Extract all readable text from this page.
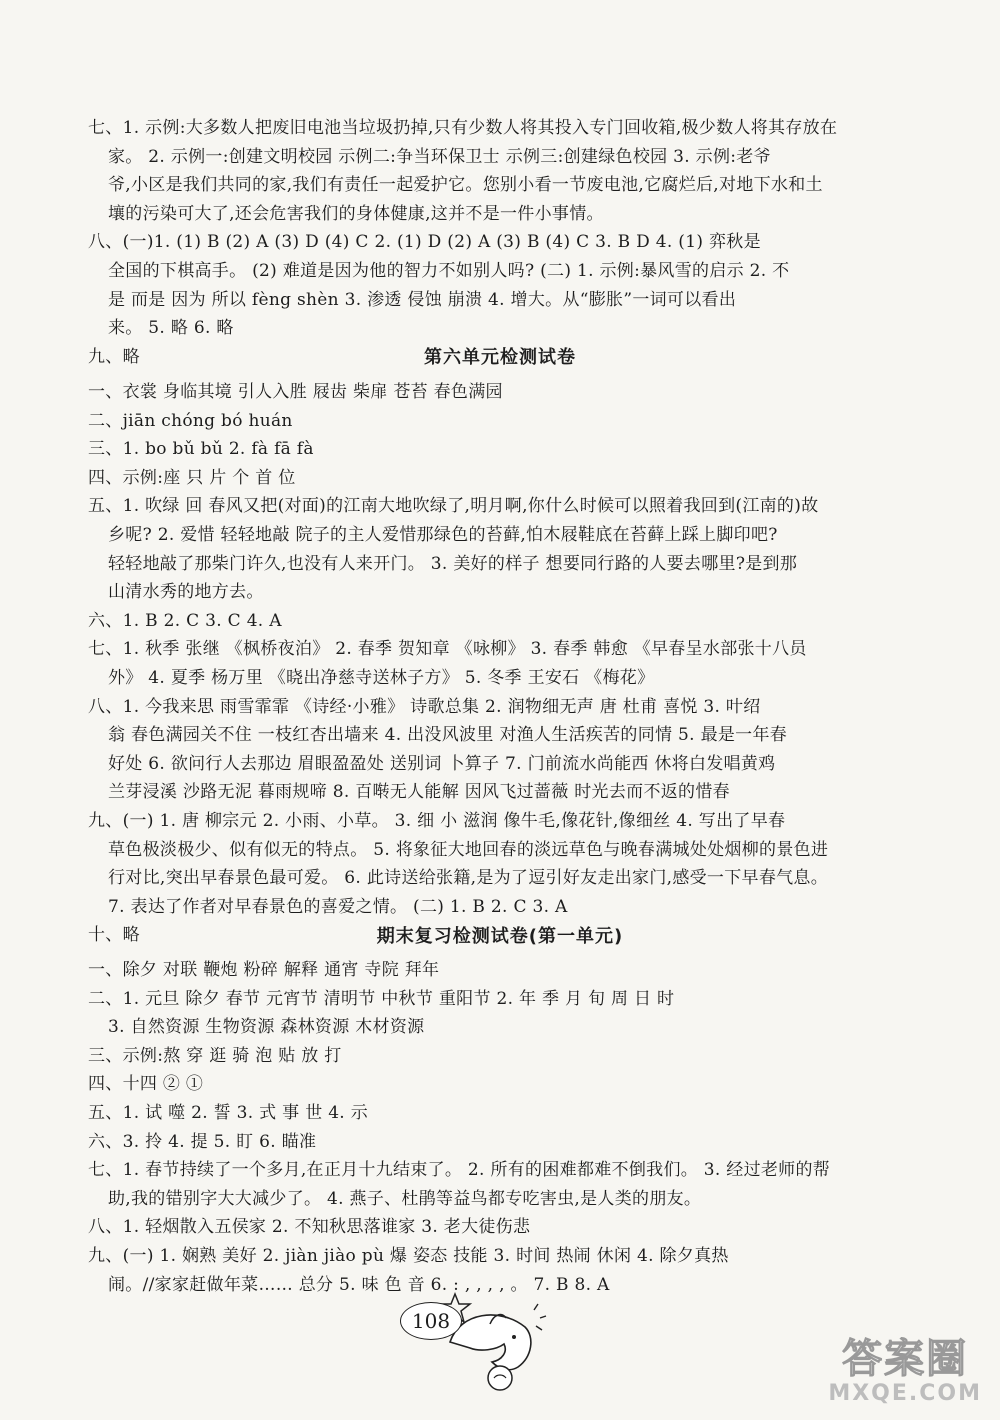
七、1. 示例:大多数人把废旧电池当垃圾扔掉,只有少数人将其投入专门回收箱,极少数人将其存放在
家。 2. 示例一:创建文明校园 示例二:争当环保卫士 示例三:创建绿色校园 3. 示例:老爷
爷,小区是我们共同的家,我们有责任一起爱护它。您别小看一节废电池,它腐烂后,对地下水和土
壤的污染可大了,还会危害我们的身体健康,这并不是一件小事情。
八、(一)1. (1) B (2) A (3) D (4) C 2. (1) D (2) A (3) B (4) C 3. B D 4. (1) 弈秋是
全国的下棋高手。 (2) 难道是因为他的智力不如别人吗? (二) 1. 示例:暴风雪的启示 2. 不
是 而是 因为 所以 fèng shèn 3. 渗透 侵蚀 崩溃 4. 增大。从“膨胀”一词可以看出
来。 5. 略 6. 略
九、略	第六单元检测试卷
一、衣裳 身临其境 引人入胜 屐齿 柴扉 苍苔 春色满园
二、jiān chóng bó huán
三、1. bo bǔ bǔ 2. fà fā fà
四、示例:座 只 片 个 首 位
五、1. 吹绿 回 春风又把(对面)的江南大地吹绿了,明月啊,你什么时候可以照着我回到(江南的)故
乡呢? 2. 爱惜 轻轻地敲 院子的主人爱惜那绿色的苔藓,怕木屐鞋底在苔藓上踩上脚印吧?
轻轻地敲了那柴门许久,也没有人来开门。 3. 美好的样子 想要同行路的人要去哪里?是到那
山清水秀的地方去。
六、1. B 2. C 3. C 4. A
七、1. 秋季 张继 《枫桥夜泊》 2. 春季 贺知章 《咏柳》 3. 春季 韩愈 《早春呈水部张十八员
外》 4. 夏季 杨万里 《晓出净慈寺送林子方》 5. 冬季 王安石 《梅花》
八、1. 今我来思 雨雪霏霏 《诗经·小雅》 诗歌总集 2. 润物细无声 唐 杜甫 喜悦 3. 叶绍
翁 春色满园关不住 一枝红杏出墙来 4. 出没风波里 对渔人生活疾苦的同情 5. 最是一年春
好处 6. 欲问行人去那边 眉眼盈盈处 送别词 卜算子 7. 门前流水尚能西 休将白发唱黄鸡
兰芽浸溪 沙路无泥 暮雨规啼 8. 百啭无人能解 因风飞过蔷薇 时光去而不返的惜春
九、(一) 1. 唐 柳宗元 2. 小雨、小草。 3. 细 小 滋润 像牛毛,像花针,像细丝 4. 写出了早春
草色极淡极少、似有似无的特点。 5. 将象征大地回春的淡远草色与晚春满城处处烟柳的景色进
行对比,突出早春景色最可爱。 6. 此诗送给张籍,是为了逗引好友走出家门,感受一下早春气息。
7. 表达了作者对早春景色的喜爱之情。 (二) 1. B 2. C 3. A
十、略	期末复习检测试卷(第一单元)
一、除夕 对联 鞭炮 粉碎 解释 通宵 寺院 拜年
二、1. 元旦 除夕 春节 元宵节 清明节 中秋节 重阳节 2. 年 季 月 旬 周 日 时
3. 自然资源 生物资源 森林资源 木材资源
三、示例:熬 穿 逛 骑 泡 贴 放 打
四、十四 ② ①
五、1. 试 噬 2. 誓 3. 式 事 世 4. 示
六、3. 拎 4. 提 5. 盯 6. 瞄准
七、1. 春节持续了一个多月,在正月十九结束了。 2. 所有的困难都难不倒我们。 3. 经过老师的帮
助,我的错别字大大减少了。 4. 燕子、杜鹃等益鸟都专吃害虫,是人类的朋友。
八、1. 轻烟散入五侯家 2. 不知秋思落谁家 3. 老大徒伤悲
九、(一) 1. 娴熟 美好 2. jiàn jiào pù 爆 姿态 技能 3. 时间 热闹 休闲 4. 除夕真热
闹。//家家赶做年菜…… 总分 5. 味 色 音 6. : , , , , 。 7. B 8. A
108
答案圈
MXQE.COM
